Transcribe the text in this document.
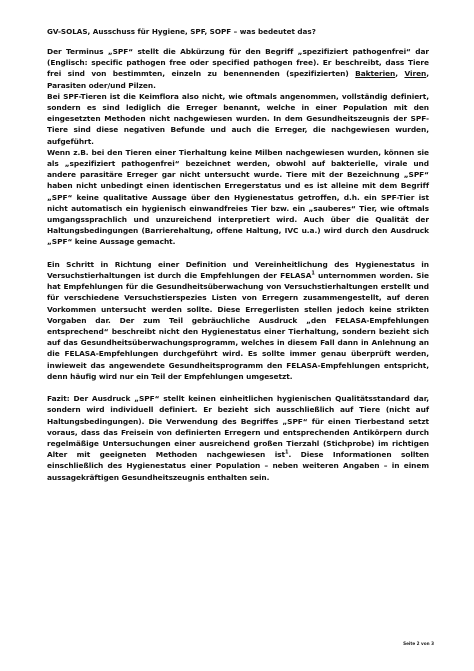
GV-SOLAS, Ausschuss für Hygiene, SPF, SOPF – was bedeutet das?

Der Terminus „SPF“ stellt die Abkürzung für den Begriff „spezifiziert pathogenfrei“ dar (Englisch: specific pathogen free oder specified pathogen free). Er beschreibt, dass Tiere frei sind von bestimmten, einzeln zu benennenden (spezifizierten) Bakterien, Viren, Parasiten oder/und Pilzen.

Bei SPF-Tieren ist die Keimflora also nicht, wie oftmals angenommen, vollständig definiert, sondern es sind lediglich die Erreger benannt, welche in einer Population mit den eingesetzten Methoden nicht nachgewiesen wurden. In dem Gesundheitszeugnis der SPF-Tiere sind diese negativen Befunde und auch die Erreger, die nachgewiesen wurden, aufgeführt.

Wenn z.B. bei den Tieren einer Tierhaltung keine Milben nachgewiesen wurden, können sie als „spezifiziert pathogenfrei“ bezeichnet werden, obwohl auf bakterielle, virale und andere parasitäre Erreger gar nicht untersucht wurde. Tiere mit der Bezeichnung „SPF“ haben nicht unbedingt einen identischen Erregerstatus und es ist alleine mit dem Begriff „SPF“ keine qualitative Aussage über den Hygienestatus getroffen, d.h. ein SPF-Tier ist nicht automatisch ein hygienisch einwandfreies Tier bzw. ein „sauberes“ Tier, wie oftmals umgangssprachlich und unzureichend interpretiert wird. Auch über die Qualität der Haltungsbedingungen (Barrierehaltung, offene Haltung, IVC u.a.) wird durch den Ausdruck „SPF“ keine Aussage gemacht.

Ein Schritt in Richtung einer Definition und Vereinheitlichung des Hygienestatus in Versuchstierhaltungen ist durch die Empfehlungen der FELASA$^1$ unternommen worden. Sie hat Empfehlungen für die Gesundheitsüberwachung von Versuchstierhaltungen erstellt und für verschiedene Versuchstierspezies Listen von Erregern zusammengestellt, auf deren Vorkommen untersucht werden sollte. Diese Erregerlisten stellen jedoch keine strikten Vorgaben dar. Der zum Teil gebräuchliche Ausdruck „den FELASA-Empfehlungen entsprechend“ beschreibt nicht den Hygienestatus einer Tierhaltung, sondern bezieht sich auf das Gesundheitsüberwachungsprogramm, welches in diesem Fall dann in Anlehnung an die FELASA-Empfehlungen durchgeführt wird. Es sollte immer genau überprüft werden, inwieweit das angewendete Gesundheitsprogramm den FELASA-Empfehlungen entspricht, denn häufig wird nur ein Teil der Empfehlungen umgesetzt.

Fazit: Der Ausdruck „SPF“ stellt keinen einheitlichen hygienischen Qualitätsstandard dar, sondern wird individuell definiert. Er bezieht sich ausschließlich auf Tiere (nicht auf Haltungsbedingungen). Die Verwendung des Begriffes „SPF“ für einen Tierbestand setzt voraus, dass das Freisein von definierten Erregern und entsprechenden Antikörpern durch regelmäßige Untersuchungen einer ausreichend großen Tierzahl (Stichprobe) im richtigen Alter mit geeigneten Methoden nachgewiesen ist$^1$. Diese Informationen sollten einschließlich des Hygienestatus einer Population – neben weiteren Angaben – in einem aussagekräftigen Gesundheitszeugnis enthalten sein.

Seite 2 von 3
